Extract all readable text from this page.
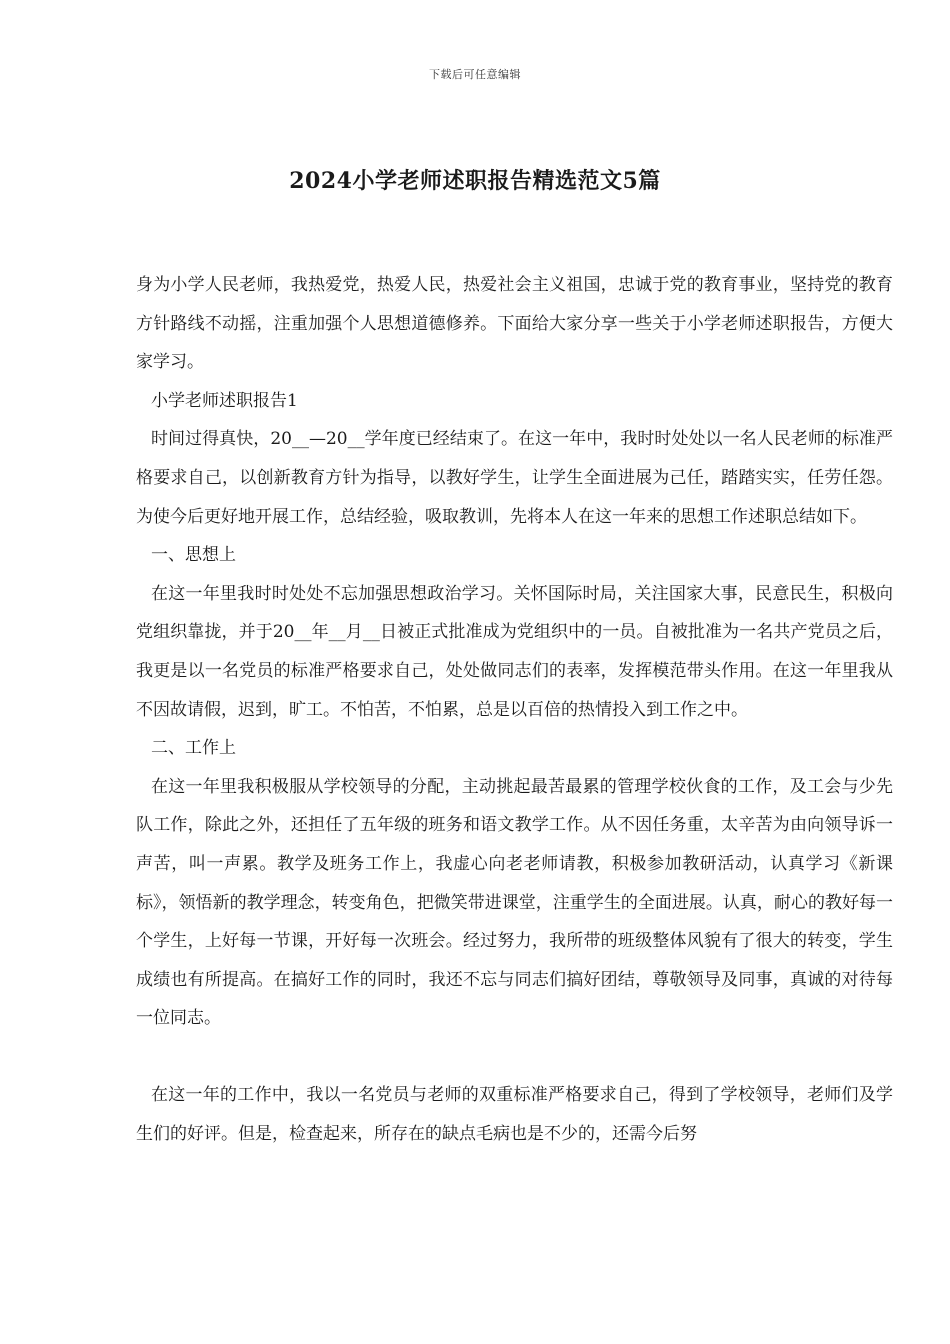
下载后可任意编辑
2024小学老师述职报告精选范文5篇

身为小学人民老师，我热爱党，热爱人民，热爱社会主义祖国，忠诚于党的教育事业，坚持党的教育方针路线不动摇，注重加强个人思想道德修养。下面给大家分享一些关于小学老师述职报告，方便大家学习。

小学老师述职报告1

时间过得真快，20__—20__学年度已经结束了。在这一年中，我时时处处以一名人民老师的标准严格要求自己，以创新教育方针为指导，以教好学生，让学生全面进展为己任，踏踏实实，任劳任怨。为使今后更好地开展工作，总结经验，吸取教训，先将本人在这一年来的思想工作述职总结如下。

一、思想上

在这一年里我时时处处不忘加强思想政治学习。关怀国际时局，关注国家大事，民意民生，积极向党组织靠拢，并于20__年__月__日被正式批准成为党组织中的一员。自被批准为一名共产党员之后，我更是以一名党员的标准严格要求自己，处处做同志们的表率，发挥模范带头作用。在这一年里我从不因故请假，迟到，旷工。不怕苦，不怕累，总是以百倍的热情投入到工作之中。

二、工作上

在这一年里我积极服从学校领导的分配，主动挑起最苦最累的管理学校伙食的工作，及工会与少先队工作，除此之外，还担任了五年级的班务和语文教学工作。从不因任务重，太辛苦为由向领导诉一声苦，叫一声累。教学及班务工作上，我虚心向老老师请教，积极参加教研活动，认真学习《新课标》，领悟新的教学理念，转变角色，把微笑带进课堂，注重学生的全面进展。认真，耐心的教好每一个学生，上好每一节课，开好每一次班会。经过努力，我所带的班级整体风貌有了很大的转变，学生成绩也有所提高。在搞好工作的同时，我还不忘与同志们搞好团结，尊敬领导及同事，真诚的对待每一位同志。

在这一年的工作中，我以一名党员与老师的双重标准严格要求自己，得到了学校领导，老师们及学生们的好评。但是，检查起来，所存在的缺点毛病也是不少的，还需今后努
